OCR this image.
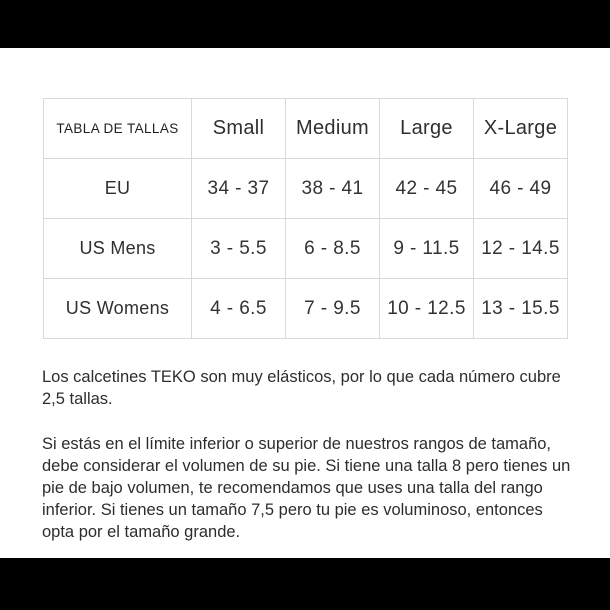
TABLA DE TALLAS	Small	Medium	Large	X-Large
EU	34 - 37	38 - 41	42 - 45	46 - 49
US Mens	3 - 5.5	6 - 8.5	9 - 11.5	12 - 14.5
US Womens	4 - 6.5	7 - 9.5	10 - 12.5	13 - 15.5

Los calcetines TEKO son muy elásticos, por lo que cada número cubre 2,5 tallas.

Si estás en el límite inferior o superior de nuestros rangos de tamaño, debe considerar el volumen de su pie. Si tiene una talla 8 pero tienes un pie de bajo volumen, te recomendamos que uses una talla del rango inferior. Si tienes un tamaño 7,5 pero tu pie es voluminoso, entonces opta por el tamaño grande.
